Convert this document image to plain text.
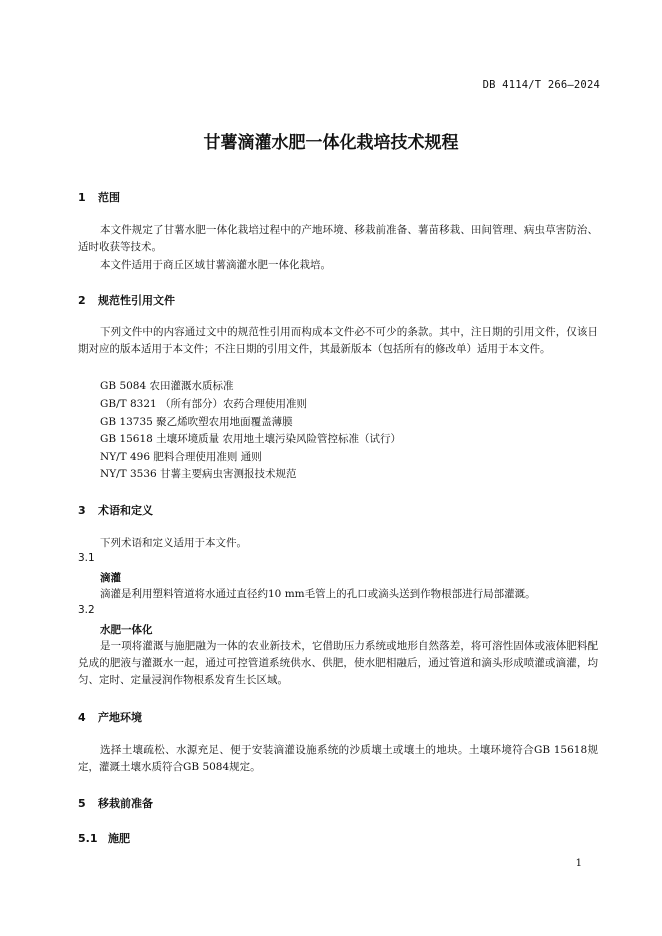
DB 4114/T 266—2024
甘薯滴灌水肥一体化栽培技术规程
1 范围
本文件规定了甘薯水肥一体化栽培过程中的产地环境、移栽前准备、薯苗移栽、田间管理、病虫草害防治、适时收获等技术。
本文件适用于商丘区域甘薯滴灌水肥一体化栽培。
2 规范性引用文件
下列文件中的内容通过文中的规范性引用而构成本文件必不可少的条款。其中，注日期的引用文件，仅该日期对应的版本适用于本文件；不注日期的引用文件，其最新版本（包括所有的修改单）适用于本文件。
GB 5084 农田灌溉水质标准
GB/T 8321 （所有部分）农药合理使用准则
GB 13735 聚乙烯吹塑农用地面覆盖薄膜
GB 15618 土壤环境质量 农用地土壤污染风险管控标准（试行）
NY/T 496 肥料合理使用准则 通则
NY/T 3536 甘薯主要病虫害测报技术规范
3 术语和定义
下列术语和定义适用于本文件。
3.1
滴灌
滴灌是利用塑料管道将水通过直径约10 mm毛管上的孔口或滴头送到作物根部进行局部灌溉。
3.2
水肥一体化
是一项将灌溉与施肥融为一体的农业新技术，它借助压力系统或地形自然落差，将可溶性固体或液体肥料配兑成的肥液与灌溉水一起，通过可控管道系统供水、供肥，使水肥相融后，通过管道和滴头形成喷灌或滴灌，均匀、定时、定量浸润作物根系发育生长区域。
4 产地环境
选择土壤疏松、水源充足、便于安装滴灌设施系统的沙质壤土或壤土的地块。土壤环境符合GB 15618规定，灌溉土壤水质符合GB 5084规定。
5 移栽前准备
5.1 施肥
1
